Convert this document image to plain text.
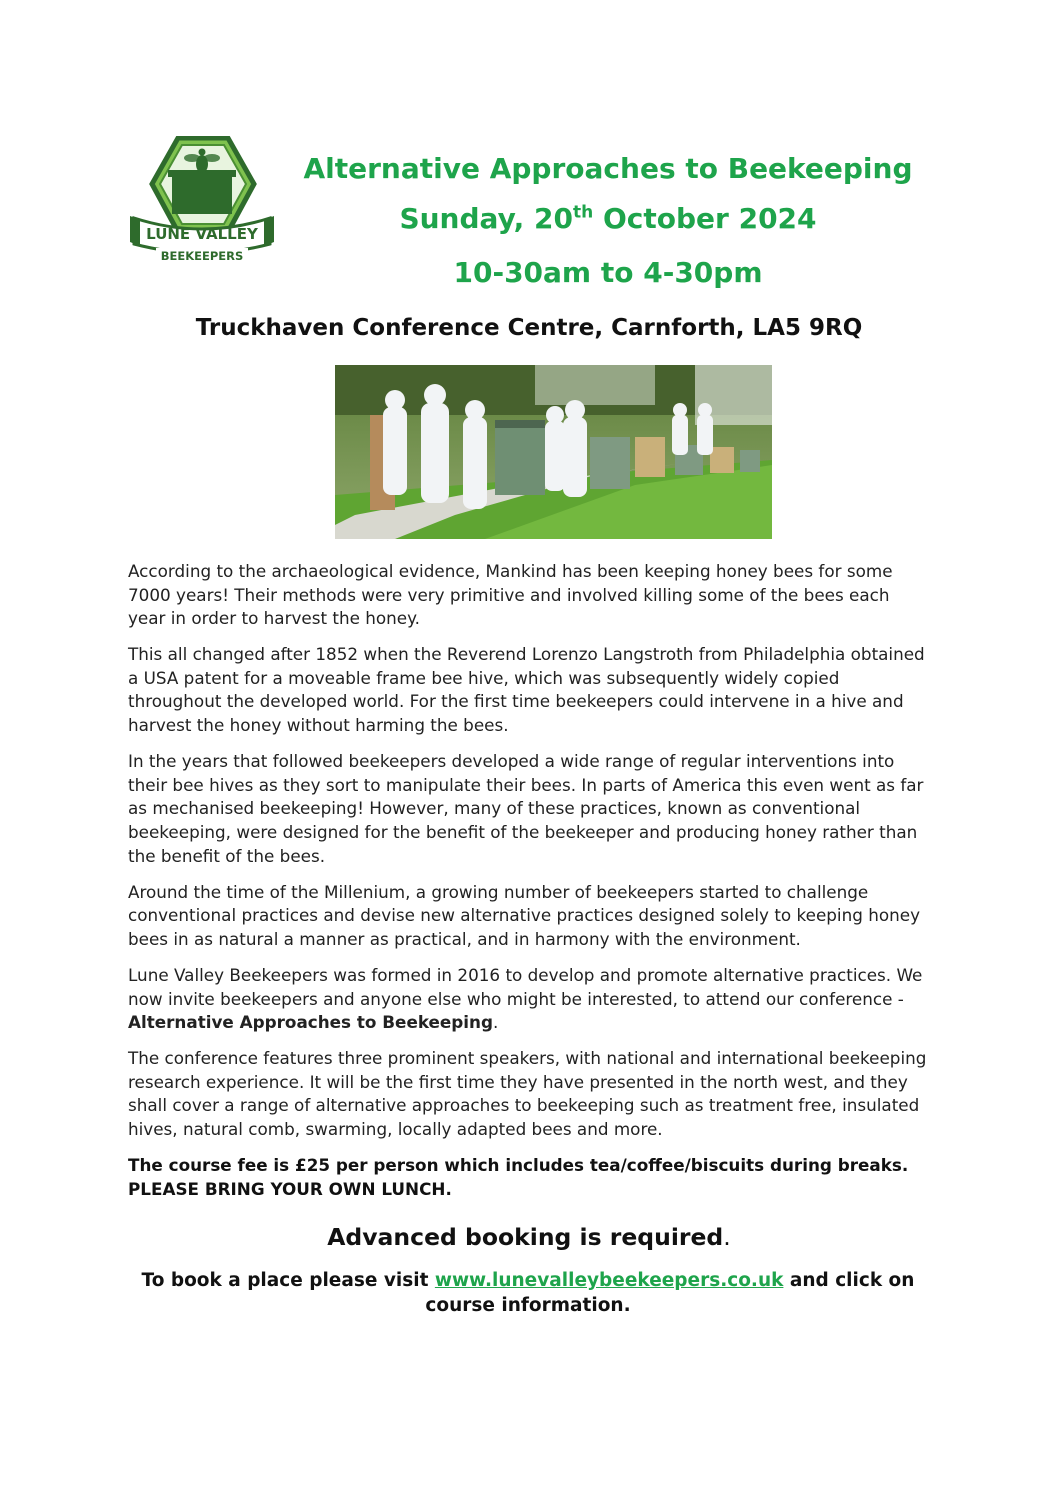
LUNE VALLEY
BEEKEEPERS
Alternative Approaches to Beekeeping
Sunday, 20th October 2024
10-30am to 4-30pm
Truckhaven Conference Centre, Carnforth, LA5 9RQ

According to the archaeological evidence, Mankind has been keeping honey bees for some 7000 years! Their methods were very primitive and involved killing some of the bees each year in order to harvest the honey.

This all changed after 1852 when the Reverend Lorenzo Langstroth from Philadelphia obtained a USA patent for a moveable frame bee hive, which was subsequently widely copied throughout the developed world. For the first time beekeepers could intervene in a hive and harvest the honey without harming the bees.

In the years that followed beekeepers developed a wide range of regular interventions into their bee hives as they sort to manipulate their bees. In parts of America this even went as far as mechanised beekeeping! However, many of these practices, known as conventional beekeeping, were designed for the benefit of the beekeeper and producing honey rather than the benefit of the bees.

Around the time of the Millenium, a growing number of beekeepers started to challenge conventional practices and devise new alternative practices designed solely to keeping honey bees in as natural a manner as practical, and in harmony with the environment.

Lune Valley Beekeepers was formed in 2016 to develop and promote alternative practices. We now invite beekeepers and anyone else who might be interested, to attend our conference - Alternative Approaches to Beekeeping.

The conference features three prominent speakers, with national and international beekeeping research experience. It will be the first time they have presented in the north west, and they shall cover a range of alternative approaches to beekeeping such as treatment free, insulated hives, natural comb, swarming, locally adapted bees and more.

The course fee is £25 per person which includes tea/coffee/biscuits during breaks. PLEASE BRING YOUR OWN LUNCH.

Advanced booking is required.
To book a place please visit www.lunevalleybeekeepers.co.uk and click on course information.
